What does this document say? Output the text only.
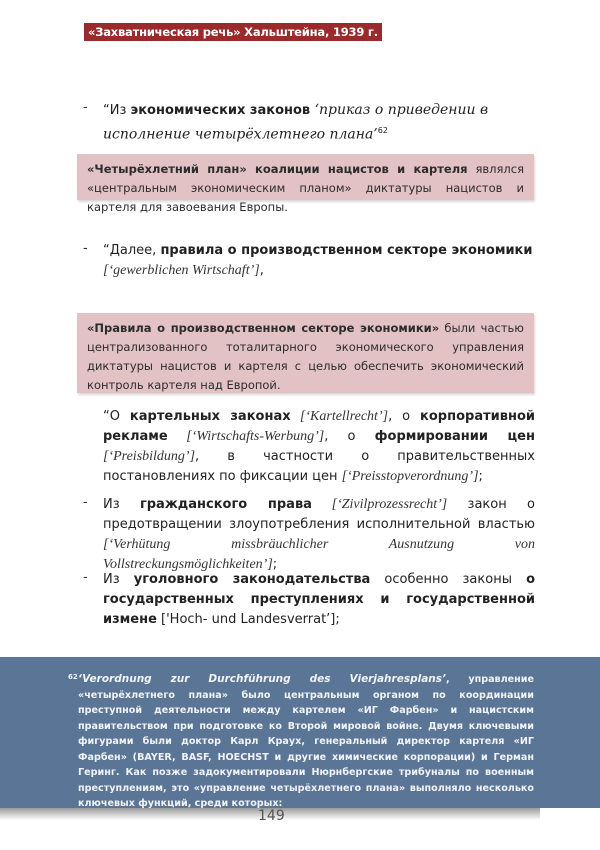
«Захватническая речь» Хальштейна, 1939 г.
- “Из экономических законов ‘приказ о приведении в исполнение четырёхлетнего плана’$^{62}$
«Четырёхлетний план» коалиции нацистов и картеля являлся «центральным экономическим планом» диктатуры нацистов и картеля для завоевания Европы.
- “Далее, правила о производственном секторе экономики
[‘gewerblichen Wirtschaft’],
«Правила о производственном секторе экономики» были частью централизованного тоталитарного экономического управления диктатуры нацистов и картеля с целью обеспечить экономический контроль картеля над Европой.
“О картельных законах [‘Kartellrecht’], о корпоративной рекламе [‘Wirtschafts-Werbung’], о формировании цен [‘Preisbildung’], в частности о правительственных постановлениях по фиксации цен [‘Preisstopverordnung’];
- Из гражданского права [‘Zivilprozessrecht’] закон о предотвращении злоупотребления исполнительной властью [‘Verhütung missbräuchlicher Ausnutzung von Vollstreckungsmöglichkeiten’];
- Из уголовного законодательства особенно законы о государственных преступлениях и государственной измене ['Hoch- und Landesverrat’];
62 ‘Verordnung zur Durchführung des Vierjahresplans’, управление «четырёхлетнего плана» было центральным органом по координации преступной деятельности между картелем «ИГ Фарбен» и нацистским правительством при подготовке ко Второй мировой войне. Двумя ключевыми фигурами были доктор Карл Краух, генеральный директор картеля «ИГ Фарбен» (BAYER, BASF, HOECHST и другие химические корпорации) и Герман Геринг. Как позже задокументировали Нюрнбергские трибуналы по военным преступлениям, это «управление четырёхлетнего плана» выполняло несколько ключевых функций, среди которых:
149
